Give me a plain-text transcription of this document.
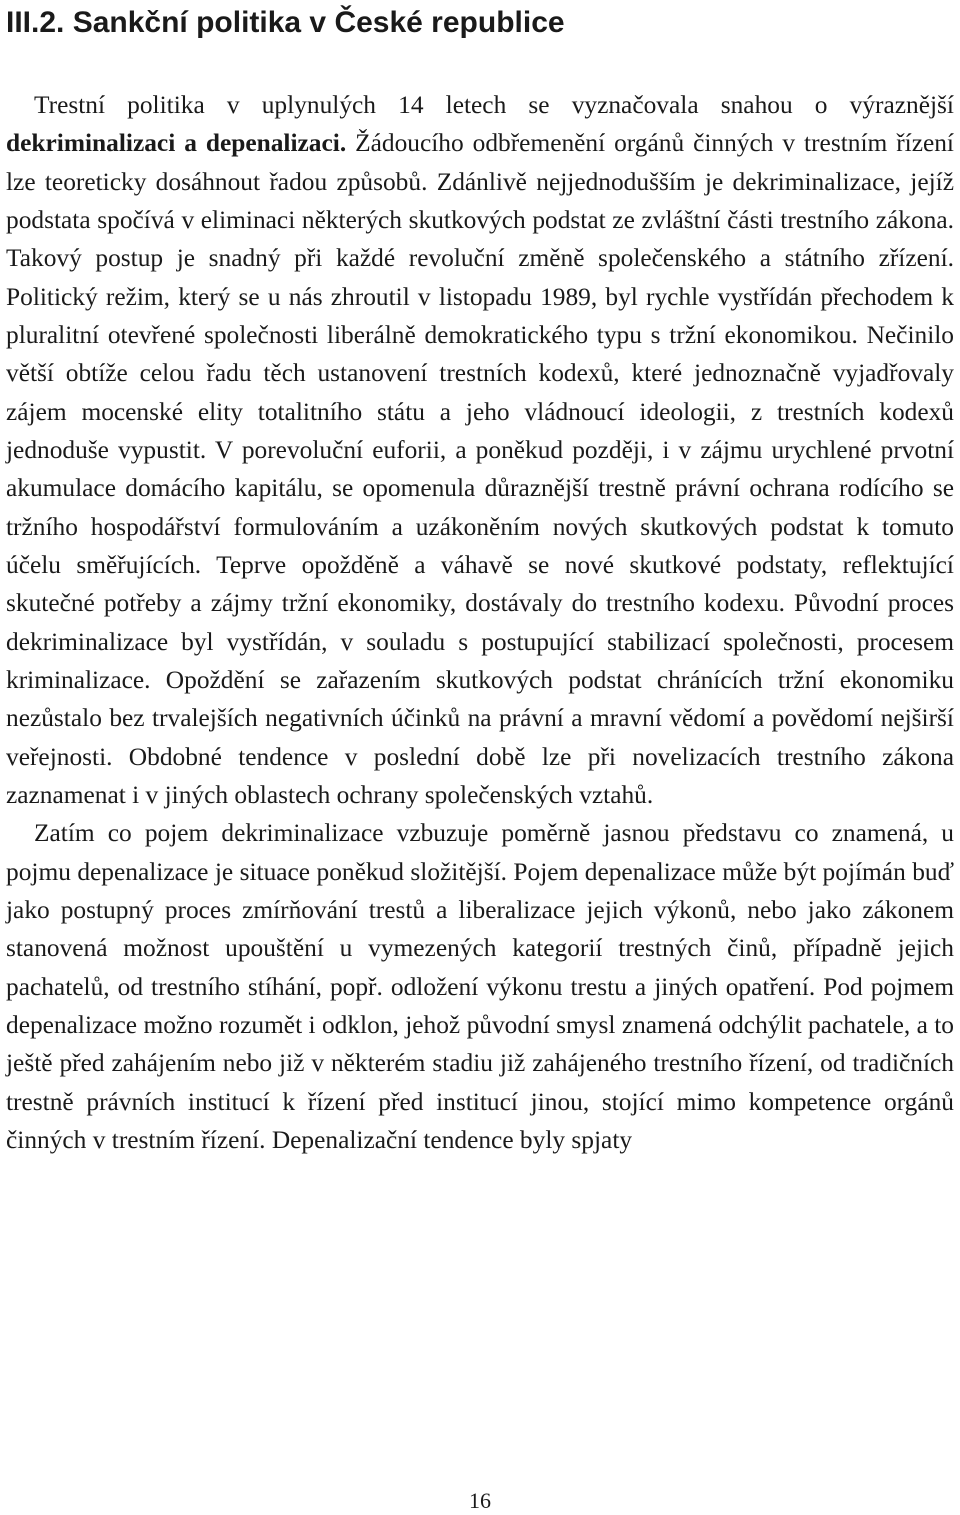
III.2. Sankční politika v České republice

Trestní politika v uplynulých 14 letech se vyznačovala snahou o výraznější dekriminalizaci a depenalizaci. Žádoucího odbřemenění orgánů činných v trestním řízení lze teoreticky dosáhnout řadou způsobů. Zdánlivě nejjednodušším je dekriminalizace, jejíž podstata spočívá v eliminaci některých skutkových podstat ze zvláštní části trestního zákona. Takový postup je snadný při každé revoluční změně společenského a státního zřízení. Politický režim, který se u nás zhroutil v listopadu 1989, byl rychle vystřídán přechodem k pluralitní otevřené společnosti liberálně demokratického typu s tržní ekonomikou. Nečinilo větší obtíže celou řadu těch ustanovení trestních kodexů, které jednoznačně vyjadřovaly zájem mocenské elity totalitního státu a jeho vládnoucí ideologii, z trestních kodexů jednoduše vypustit. V porevoluční euforii, a poněkud později, i v zájmu urychlené prvotní akumulace domácího kapitálu, se opomenula důraznější trestně právní ochrana rodícího se tržního hospodářství formulováním a uzákoněním nových skutkových podstat k tomuto účelu směřujících. Teprve opožděně a váhavě se nové skutkové podstaty, reflektující skutečné potřeby a zájmy tržní ekonomiky, dostávaly do trestního kodexu. Původní proces dekriminalizace byl vystřídán, v souladu s postupující stabilizací společnosti, procesem kriminalizace. Opoždění se zařazením skutkových podstat chránících tržní ekonomiku nezůstalo bez trvalejších negativních účinků na právní a mravní vědomí a povědomí nejširší veřejnosti. Obdobné tendence v poslední době lze při novelizacích trestního zákona zaznamenat i v jiných oblastech ochrany společenských vztahů.

Zatím co pojem dekriminalizace vzbuzuje poměrně jasnou představu co znamená, u pojmu depenalizace je situace poněkud složitější. Pojem depenalizace může být pojímán buď jako postupný proces zmírňování trestů a liberalizace jejich výkonů, nebo jako zákonem stanovená možnost upouštění u vymezených kategorií trestných činů, případně jejich pachatelů, od trestního stíhání, popř. odložení výkonu trestu a jiných opatření. Pod pojmem depenalizace možno rozumět i odklon, jehož původní smysl znamená odchýlit pachatele, a to ještě před zahájením nebo již v některém stadiu již zahájeného trestního řízení, od tradičních trestně právních institucí k řízení před institucí jinou, stojící mimo kompetence orgánů činných v trestním řízení. Depenalizační tendence byly spjaty

16
